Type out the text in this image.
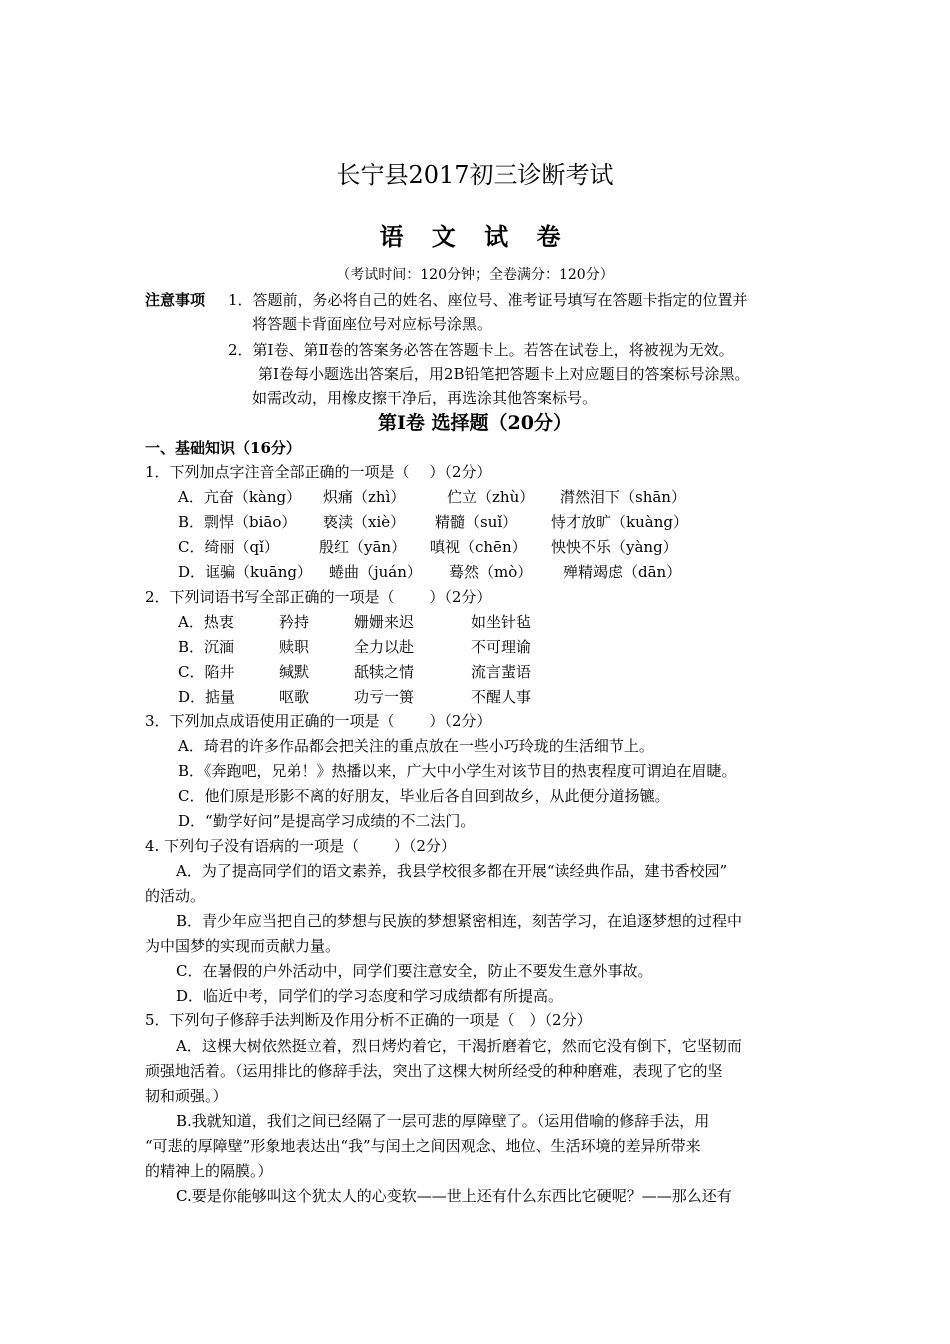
长宁县2017初三诊断考试
语 文 试 卷
（考试时间：120分钟；全卷满分：120分）
注意事项 1．答题前，务必将自己的姓名、座位号、准考证号填写在答题卡指定的位置并
将答题卡背面座位号对应标号涂黑。
2．第Ⅰ卷、第Ⅱ卷的答案务必答在答题卡上。若答在试卷上，将被视为无效。
第Ⅰ卷每小题选出答案后，用2B铅笔把答题卡上对应题目的答案标号涂黑。
如需改动，用橡皮擦干净后，再选涂其他答案标号。
第Ⅰ卷 选择题（20分）
一、基础知识（16分）
1．下列加点字注音全部正确的一项是（　 ）（2分）
A．亢奋（kàng） 炽痛（zhì）	伫立（zhù） 潸然泪下（shān）
B．剽悍（biāo） 亵渎（xiè） 精髓（suǐ） 恃才放旷（kuàng）
C．绮丽（qǐ）	殷红（yān） 嗔视（chēn） 怏怏不乐（yàng）
D．诓骗（kuāng） 蜷曲（juán） 蓦然（mò） 殚精竭虑（dān）
2．下列词语书写全部正确的一项是（　　 ）（2分）
A．热衷	矜持	姗姗来迟	如坐针毡
B．沉湎	赎职	全力以赴	不可理谕
C．陷井	缄默	舐犊之情	流言蜚语
D．掂量	呕歌	功亏一篑	不醒人事
3．下列加点成语使用正确的一项是（　　 ）（2分）
A．琦君的许多作品都会把关注的重点放在一些小巧玲珑的生活细节上。
B．《奔跑吧，兄弟！》热播以来，广大中小学生对该节目的热衷程度可谓迫在眉睫。
C．他们原是形影不离的好朋友，毕业后各自回到故乡，从此便分道扬镳。
D．“勤学好问”是提高学习成绩的不二法门。
4. 下列句子没有语病的一项是（　　 ）（2分）
A．为了提高同学们的语文素养，我县学校很多都在开展“读经典作品，建书香校园”
的活动。
B．青少年应当把自己的梦想与民族的梦想紧密相连，刻苦学习，在追逐梦想的过程中
为中国梦的实现而贡献力量。
C．在暑假的户外活动中，同学们要注意安全，防止不要发生意外事故。
D．临近中考，同学们的学习态度和学习成绩都有所提高。
5．下列句子修辞手法判断及作用分析不正确的一项是（　）（2分）
A．这棵大树依然挺立着，烈日烤灼着它，干渴折磨着它，然而它没有倒下，它坚韧而
顽强地活着。（运用排比的修辞手法，突出了这棵大树所经受的种种磨难，表现了它的坚
韧和顽强。）
B.我就知道，我们之间已经隔了一层可悲的厚障壁了。（运用借喻的修辞手法，用
“可悲的厚障壁”形象地表达出“我”与闰土之间因观念、地位、生活环境的差异所带来
的精神上的隔膜。）
C.要是你能够叫这个犹太人的心变软——世上还有什么东西比它硬呢？——那么还有
